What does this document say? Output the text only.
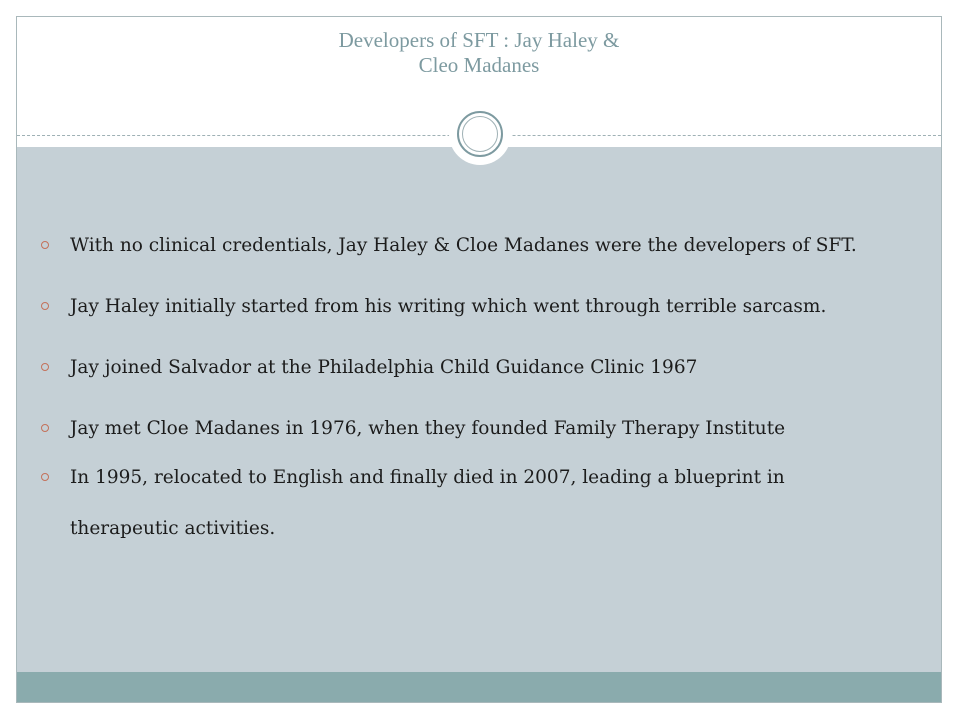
Developers of SFT : Jay Haley &
Cleo Madanes
With no clinical credentials, Jay Haley & Cloe Madanes were the developers of SFT.
Jay Haley initially started from his writing which went through terrible sarcasm.
Jay joined Salvador at the Philadelphia Child Guidance Clinic 1967
Jay met Cloe Madanes in 1976, when they founded Family Therapy Institute
In 1995, relocated to English and finally died in 2007, leading a blueprint in therapeutic activities.
